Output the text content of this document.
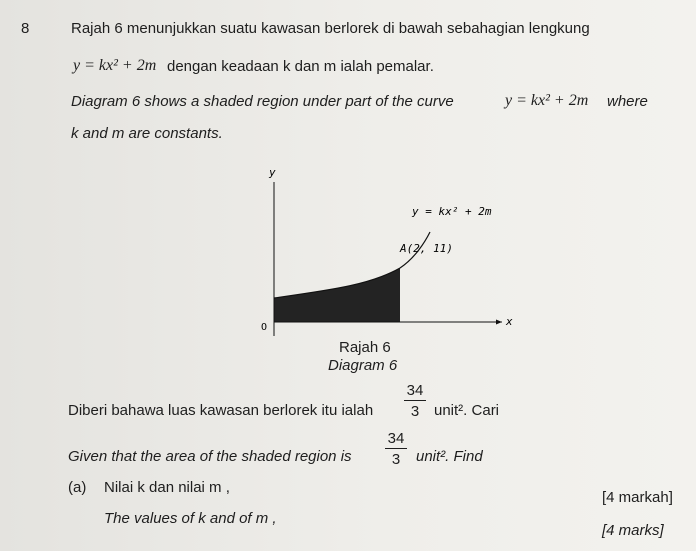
8	Rajah 6 menunjukkan suatu kawasan berlorek di bawah sebahagian lengkung
y = kx² + 2m dengan keadaan k dan m ialah pemalar.
Diagram 6 shows a shaded region under part of the curve	y = kx² + 2m where
k and m are constants.
y
x
O
y = kx² + 2m
A(2, 11)
Rajah 6
Diagram 6
Diberi bahawa luas kawasan berlorek itu ialah
34
3 unit². Cari
Given that the area of the shaded region is
34
3	unit². Find
(a) Nilai k dan nilai m ,
[4 markah]
The values of k and of m ,
[4 marks]
